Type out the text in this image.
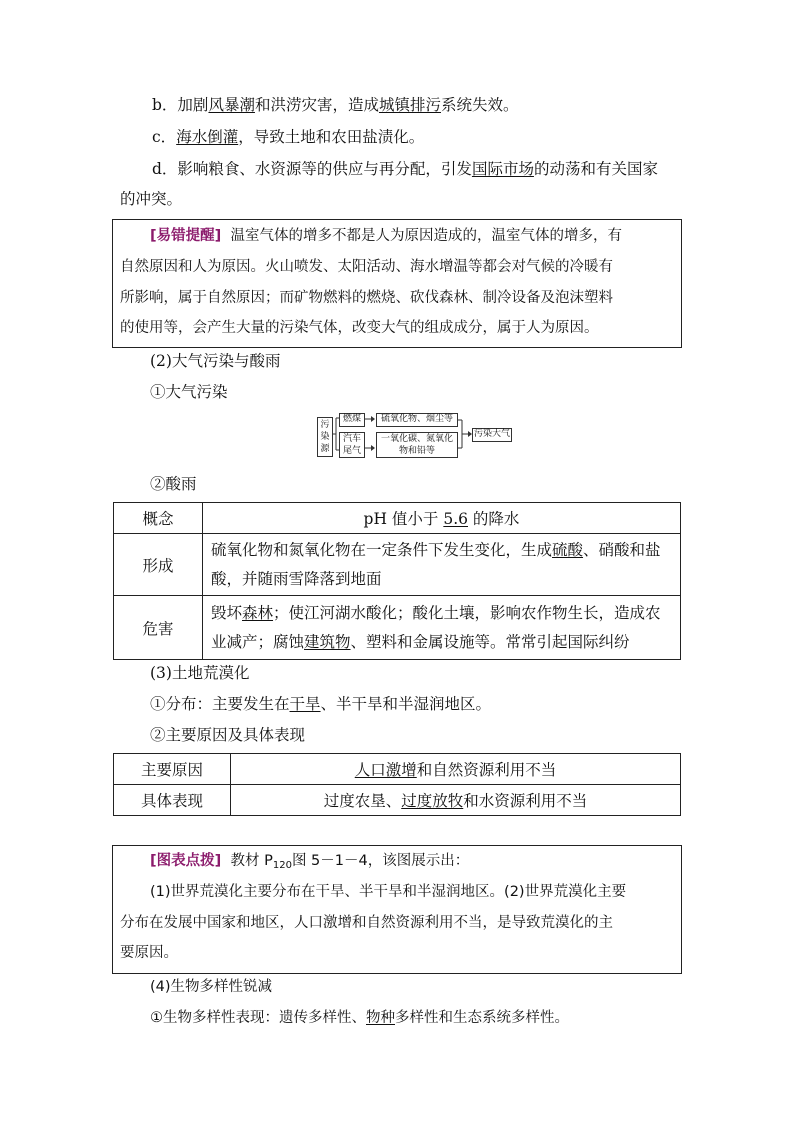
b．加剧风暴潮和洪涝灾害，造成城镇排污系统失效。
c．海水倒灌，导致土地和农田盐渍化。
d．影响粮食、水资源等的供应与再分配，引发国际市场的动荡和有关国家
的冲突。
[易错提醒] 温室气体的增多不都是人为原因造成的，温室气体的增多，有
自然原因和人为原因。火山喷发、太阳活动、海水增温等都会对气候的冷暖有
所影响，属于自然原因；而矿物燃料的燃烧、砍伐森林、制冷设备及泡沫塑料
的使用等，会产生大量的污染气体，改变大气的组成成分，属于人为原因。
(2)大气污染与酸雨
①大气污染
污染源
燃煤
汽车尾气
硫氧化物、烟尘等
一氧化碳、氮氧化物和铅等
污染大气
②酸雨
概念	pH 值小于 5.6 的降水
形成	硫氧化物和氮氧化物在一定条件下发生变化，生成硫酸、硝酸和盐
酸，并随雨雪降落到地面
危害	毁坏森林；使江河湖水酸化；酸化土壤，影响农作物生长，造成农
业减产；腐蚀建筑物、塑料和金属设施等。常常引起国际纠纷
(3)土地荒漠化
①分布：主要发生在干旱、半干旱和半湿润地区。
②主要原因及具体表现
主要原因	人口激增和自然资源利用不当
具体表现	过度农垦、过度放牧和水资源利用不当
[图表点拨] 教材 $P_{120}$图 5－1－4，该图展示出：
(1)世界荒漠化主要分布在干旱、半干旱和半湿润地区。(2)世界荒漠化主要
分布在发展中国家和地区，人口激增和自然资源利用不当，是导致荒漠化的主
要原因。
(4)生物多样性锐减
①生物多样性表现：遗传多样性、物种多样性和生态系统多样性。
